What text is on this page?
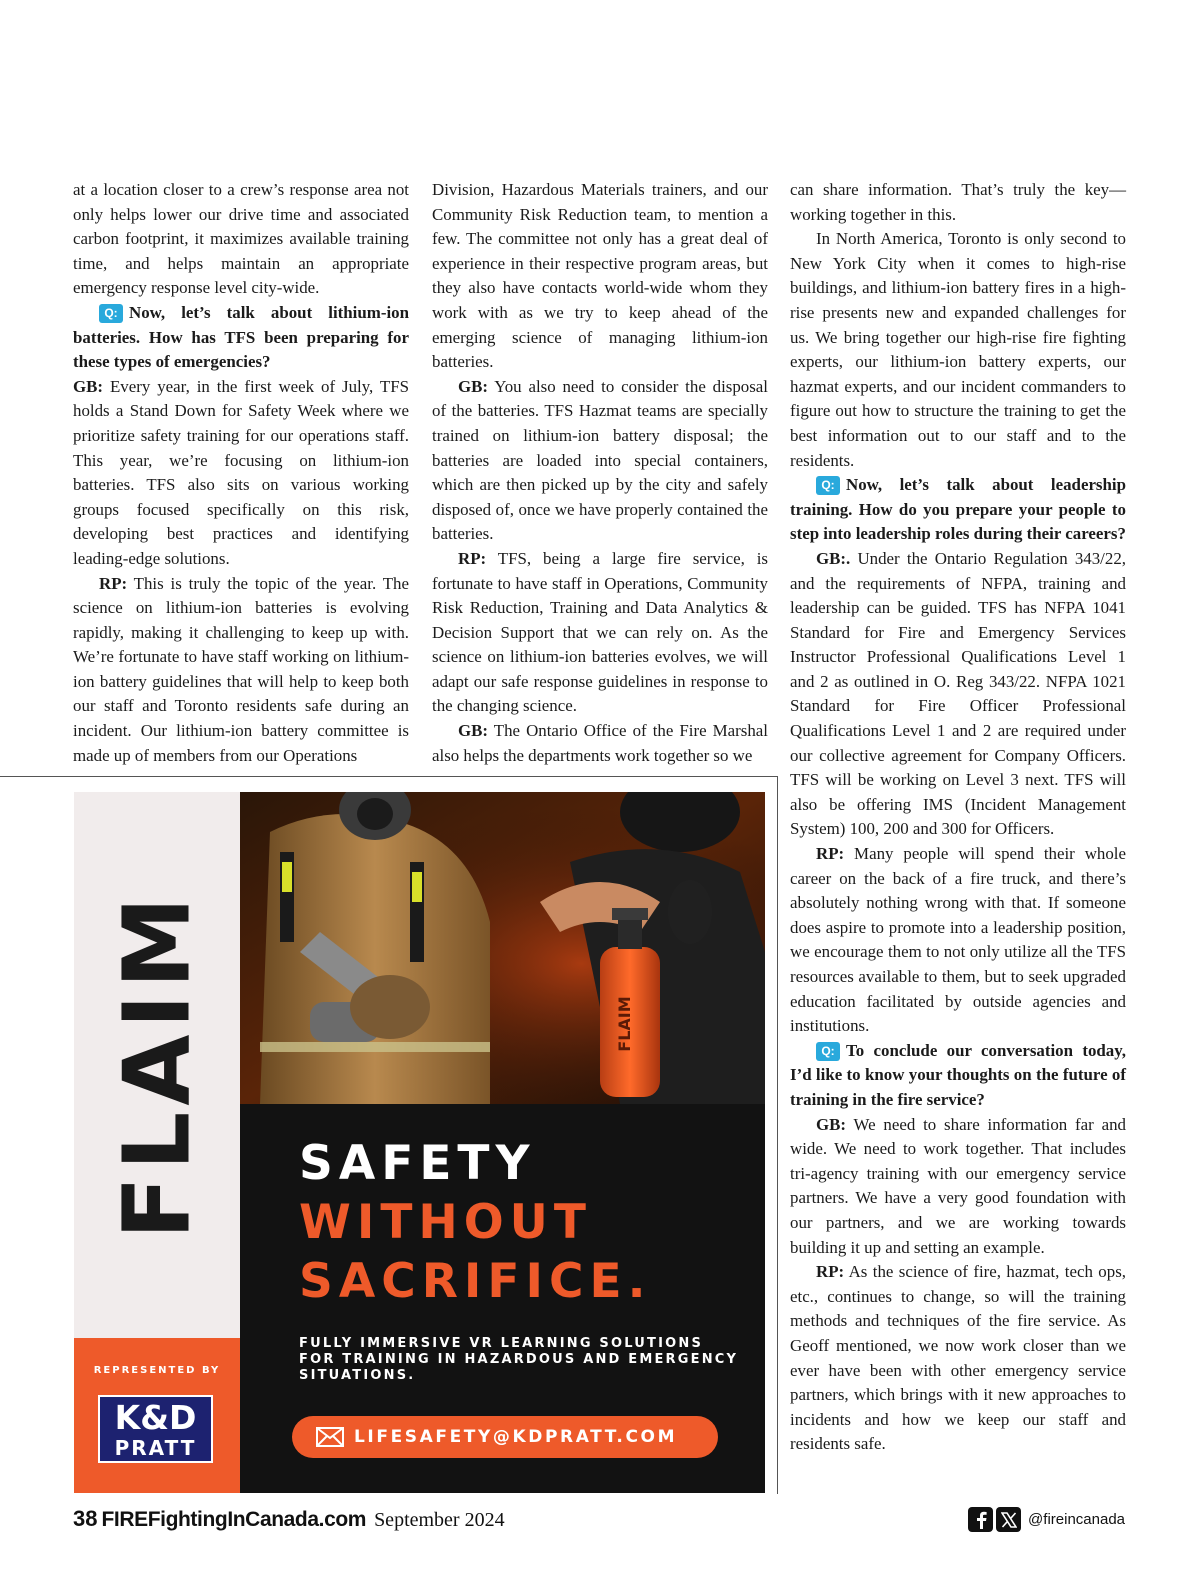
at a location closer to a crew’s response area not only helps lower our drive time and associated carbon footprint, it maximizes available training time, and helps maintain an appropriate emergency response level city-wide.

Q: Now, let’s talk about lithium-ion batteries. How has TFS been preparing for these types of emergencies?

GB: Every year, in the first week of July, TFS holds a Stand Down for Safety Week where we prioritize safety training for our operations staff. This year, we’re focusing on lithium-ion batteries. TFS also sits on various working groups focused specifically on this risk, developing best practices and identifying leading-edge solutions.

RP: This is truly the topic of the year. The science on lithium-ion batteries is evolving rapidly, making it challenging to keep up with. We’re fortunate to have staff working on lithium-ion battery guidelines that will help to keep both our staff and Toronto residents safe during an incident. Our lithium-ion battery committee is made up of members from our Operations

Division, Hazardous Materials trainers, and our Community Risk Reduction team, to mention a few. The committee not only has a great deal of experience in their respective program areas, but they also have contacts world-wide whom they work with as we try to keep ahead of the emerging science of managing lithium-ion batteries.

GB: You also need to consider the disposal of the batteries. TFS Hazmat teams are specially trained on lithium-ion battery disposal; the batteries are loaded into special containers, which are then picked up by the city and safely disposed of, once we have properly contained the batteries.

RP: TFS, being a large fire service, is fortunate to have staff in Operations, Community Risk Reduction, Training and Data Analytics & Decision Support that we can rely on. As the science on lithium-ion batteries evolves, we will adapt our safe response guidelines in response to the changing science.

GB: The Ontario Office of the Fire Marshal also helps the departments work together so we

can share information. That’s truly the key—working together in this.

In North America, Toronto is only second to New York City when it comes to high-rise buildings, and lithium-ion battery fires in a high-rise presents new and expanded challenges for us. We bring together our high-rise fire fighting experts, our lithium-ion battery experts, our hazmat experts, and our incident commanders to figure out how to structure the training to get the best information out to our staff and to the residents.

Q: Now, let’s talk about leadership training. How do you prepare your people to step into leadership roles during their careers?

GB:. Under the Ontario Regulation 343/22, and the requirements of NFPA, training and leadership can be guided. TFS has NFPA 1041 Standard for Fire and Emergency Services Instructor Professional Qualifications Level 1 and 2 as outlined in O. Reg 343/22. NFPA 1021 Standard for Fire Officer Professional Qualifications Level 1 and 2 are required under our collective agreement for Company Officers. TFS will be working on Level 3 next. TFS will also be offering IMS (Incident Management System) 100, 200 and 300 for Officers.

RP: Many people will spend their whole career on the back of a fire truck, and there’s absolutely nothing wrong with that. If someone does aspire to promote into a leadership position, we encourage them to not only utilize all the TFS resources available to them, but to seek upgraded education facilitated by outside agencies and institutions.

Q: To conclude our conversation today, I’d like to know your thoughts on the future of training in the fire service?

GB: We need to share information far and wide. We need to work together. That includes tri-agency training with our emergency service partners. We have a very good foundation with our partners, and we are working towards building it up and setting an example.

RP: As the science of fire, hazmat, tech ops, etc., continues to change, so will the training methods and techniques of the fire service. As Geoff mentioned, we now work closer than we ever have been with other emergency service partners, which brings with it new approaches to incidents and how we keep our staff and residents safe.

FLAIM
REPRESENTED BY
K&D
PRATT
FLAIM
SAFETY
WITHOUT
SACRIFICE.
FULLY IMMERSIVE VR LEARNING SOLUTIONS
FOR TRAINING IN HAZARDOUS AND EMERGENCY
SITUATIONS.
LIFESAFETY@KDPRATT.COM
38 FIREFightingInCanada.com September 2024	@fireincanada
